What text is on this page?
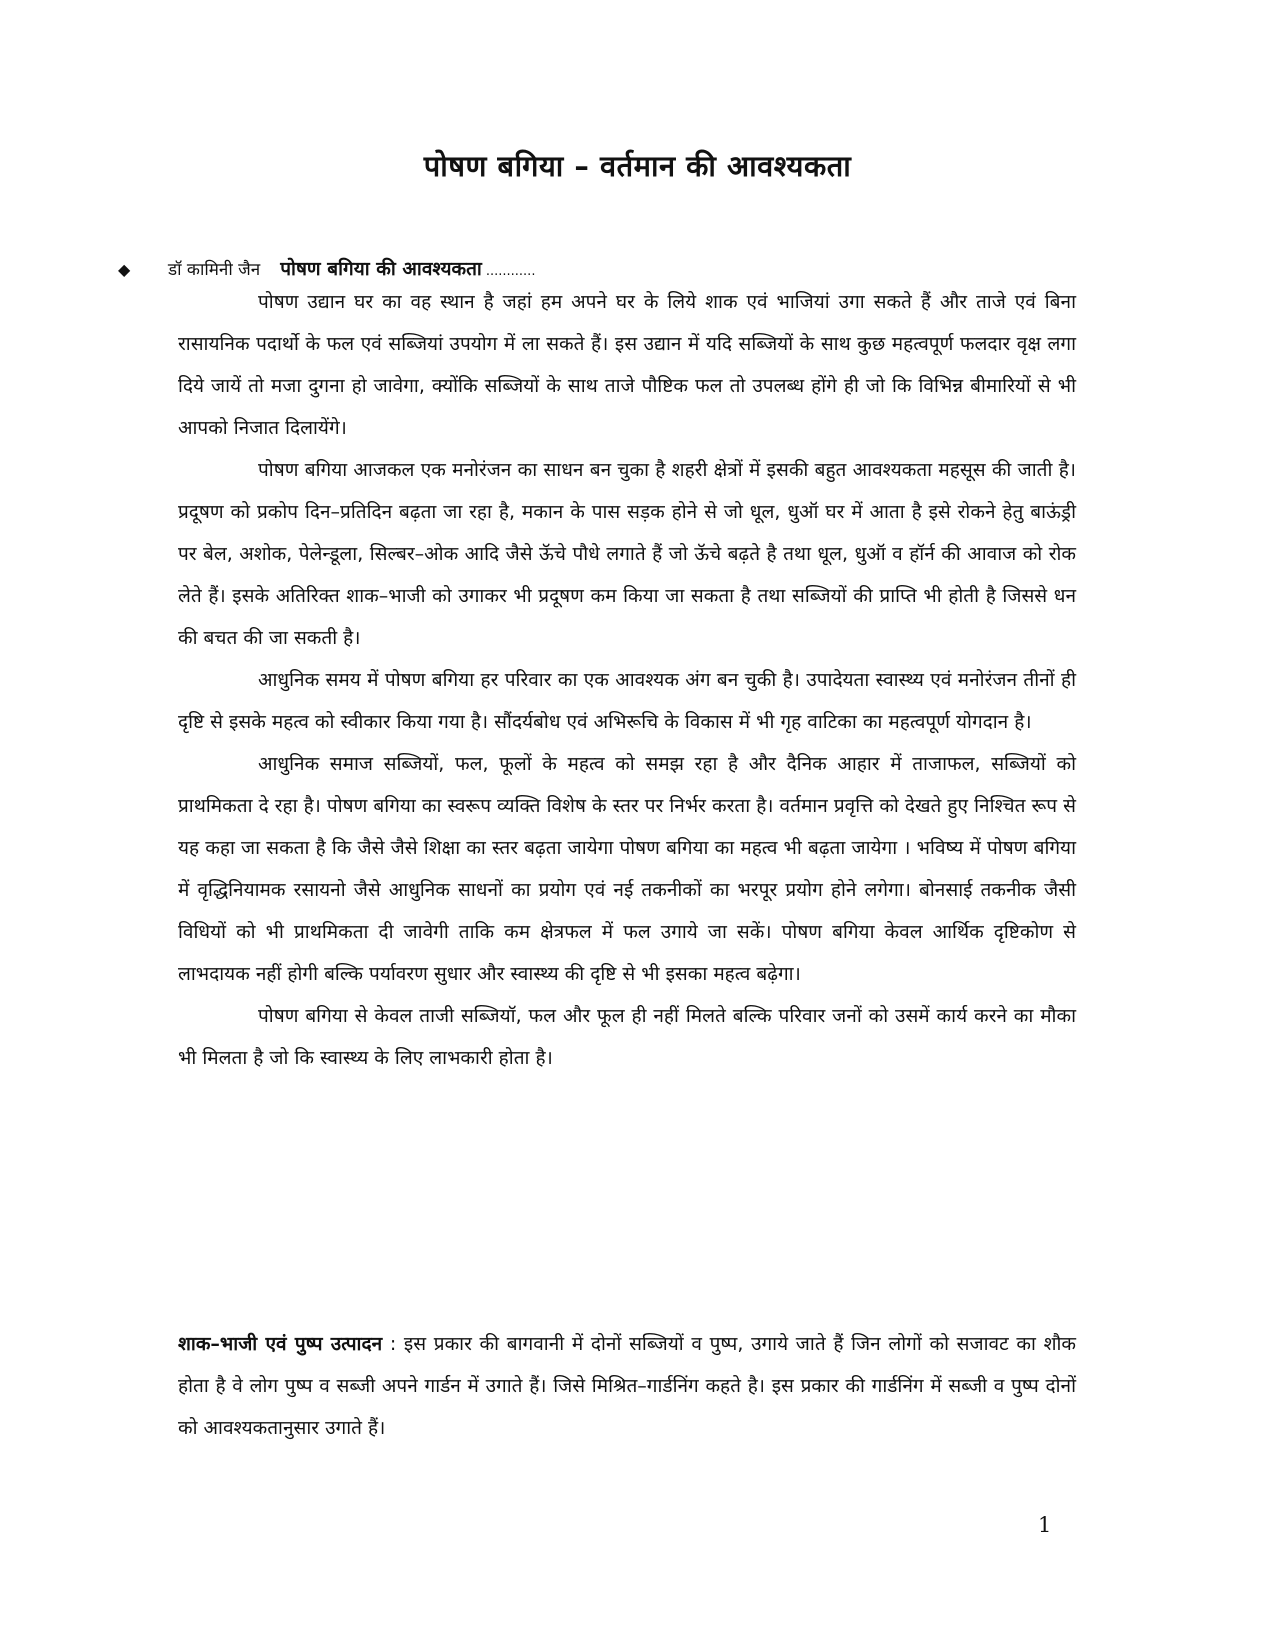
पोषण बगिया – वर्तमान की आवश्यकता
◆ डॉ कामिनी जैन पोषण बगिया की आवश्यकता ............

पोषण उद्यान घर का वह स्थान है जहां हम अपने घर के लिये शाक एवं भाजियां उगा सकते हैं और ताजे एवं बिना रासायनिक पदार्थो के फल एवं सब्जियां उपयोग में ला सकते हैं। इस उद्यान में यदि सब्जियों के साथ कुछ महत्वपूर्ण फलदार वृक्ष लगा दिये जायें तो मजा दुगना हो जावेगा, क्योंकि सब्जियों के साथ ताजे पौष्टिक फल तो उपलब्ध होंगे ही जो कि विभिन्न बीमारियों से भी आपको निजात दिलायेंगे।

पोषण बगिया आजकल एक मनोरंजन का साधन बन चुका है शहरी क्षेत्रों में इसकी बहुत आवश्यकता महसूस की जाती है। प्रदूषण को प्रकोप दिन–प्रतिदिन बढ़ता जा रहा है, मकान के पास सड़क होने से जो धूल, धुऑ घर में आता है इसे रोकने हेतु बाऊंड्री पर बेल, अशोक, पेलेन्डूला, सिल्बर–ओक आदि जैसे ऊॅचे पौधे लगाते हैं जो ऊॅचे बढ़ते है तथा धूल, धुऑ व हॉर्न की आवाज को रोक लेते हैं। इसके अतिरिक्त शाक–भाजी को उगाकर भी प्रदूषण कम किया जा सकता है तथा सब्जियों की प्राप्ति भी होती है जिससे धन की बचत की जा सकती है।

आधुनिक समय में पोषण बगिया हर परिवार का एक आवश्यक अंग बन चुकी है। उपादेयता स्वास्थ्य एवं मनोरंजन तीनों ही दृष्टि से इसके महत्व को स्वीकार किया गया है। सौंदर्यबोध एवं अभिरूचि के विकास में भी गृह वाटिका का महत्वपूर्ण योगदान है।

आधुनिक समाज सब्जियों, फल, फूलों के महत्व को समझ रहा है और दैनिक आहार में ताजाफल, सब्जियों को प्राथमिकता दे रहा है। पोषण बगिया का स्वरूप व्यक्ति विशेष के स्तर पर निर्भर करता है। वर्तमान प्रवृत्ति को देखते हुए निश्चित रूप से यह कहा जा सकता है कि जैसे जैसे शिक्षा का स्तर बढ़ता जायेगा पोषण बगिया का महत्व भी बढ़ता जायेगा । भविष्य में पोषण बगिया में वृद्धिनियामक रसायनो जैसे आधुनिक साधनों का प्रयोग एवं नई तकनीकों का भरपूर प्रयोग होने लगेगा। बोनसाई तकनीक जैसी विधियों को भी प्राथमिकता दी जावेगी ताकि कम क्षेत्रफल में फल उगाये जा सकें। पोषण बगिया केवल आर्थिक दृष्टिकोण से लाभदायक नहीं होगी बल्कि पर्यावरण सुधार और स्वास्थ्य की दृष्टि से भी इसका महत्व बढ़ेगा।

पोषण बगिया से केवल ताजी सब्जियॉ, फल और फूल ही नहीं मिलते बल्कि परिवार जनों को उसमें कार्य करने का मौका भी मिलता है जो कि स्वास्थ्य के लिए लाभकारी होता है।

शाक–भाजी एवं पुष्प उत्पादन : इस प्रकार की बागवानी में दोनों सब्जियों व पुष्प, उगाये जाते हैं जिन लोगों को सजावट का शौक होता है वे लोग पुष्प व सब्जी अपने गार्डन में उगाते हैं। जिसे मिश्रित–गार्डनिंग कहते है। इस प्रकार की गार्डनिंग में सब्जी व पुष्प दोनों को आवश्यकतानुसार उगाते हैं।

1
